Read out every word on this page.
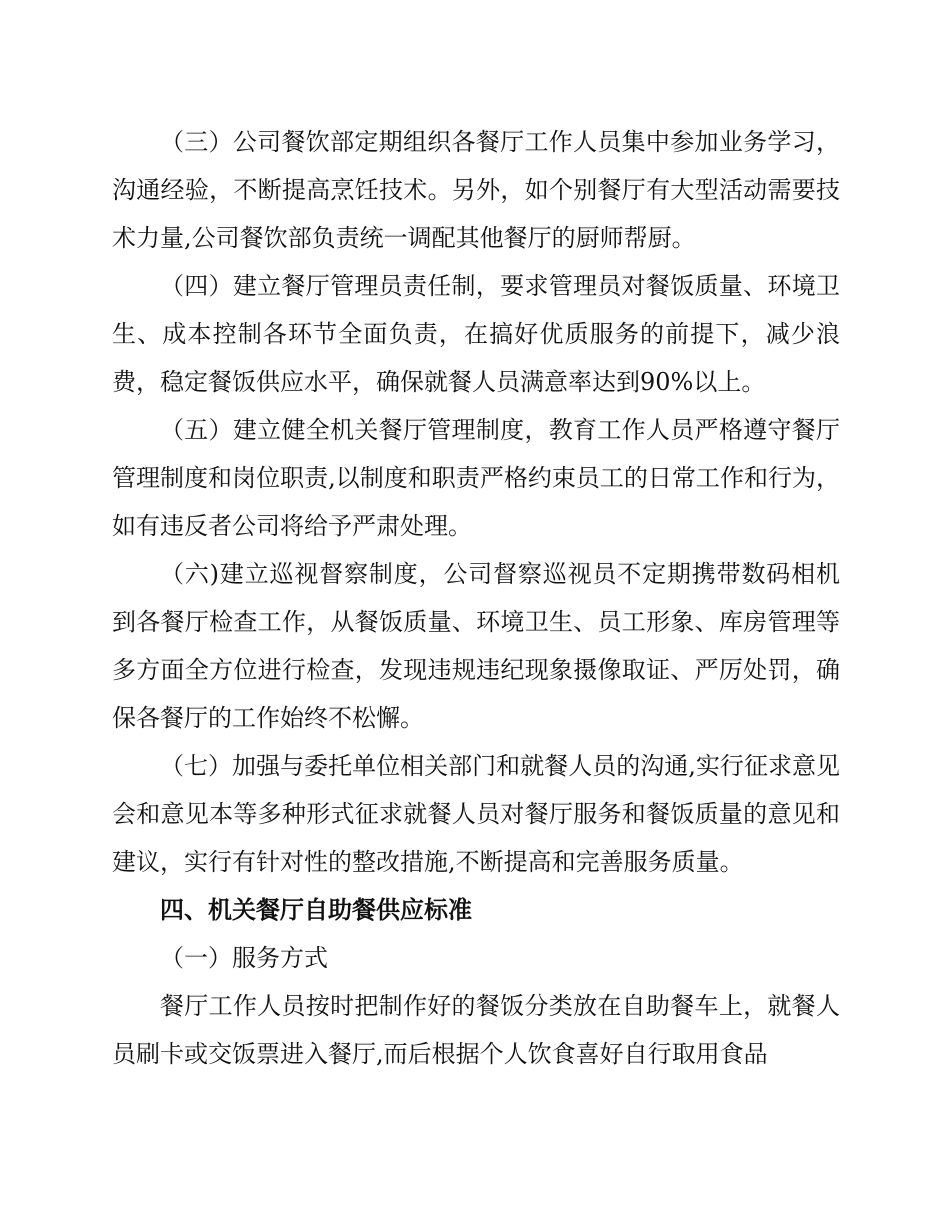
（三）公司餐饮部定期组织各餐厅工作人员集中参加业务学习，沟通经验，不断提高烹饪技术。另外，如个别餐厅有大型活动需要技术力量,公司餐饮部负责统一调配其他餐厅的厨师帮厨。

（四）建立餐厅管理员责任制，要求管理员对餐饭质量、环境卫生、成本控制各环节全面负责，在搞好优质服务的前提下，减少浪费，稳定餐饭供应水平，确保就餐人员满意率达到90%以上。

（五）建立健全机关餐厅管理制度，教育工作人员严格遵守餐厅管理制度和岗位职责,以制度和职责严格约束员工的日常工作和行为，如有违反者公司将给予严肃处理。

（六)建立巡视督察制度，公司督察巡视员不定期携带数码相机到各餐厅检查工作，从餐饭质量、环境卫生、员工形象、库房管理等多方面全方位进行检查，发现违规违纪现象摄像取证、严厉处罚，确保各餐厅的工作始终不松懈。

（七）加强与委托单位相关部门和就餐人员的沟通,实行征求意见会和意见本等多种形式征求就餐人员对餐厅服务和餐饭质量的意见和建议，实行有针对性的整改措施,不断提高和完善服务质量。

四、机关餐厅自助餐供应标准

（一）服务方式

餐厅工作人员按时把制作好的餐饭分类放在自助餐车上，就餐人员刷卡或交饭票进入餐厅,而后根据个人饮食喜好自行取用食品
